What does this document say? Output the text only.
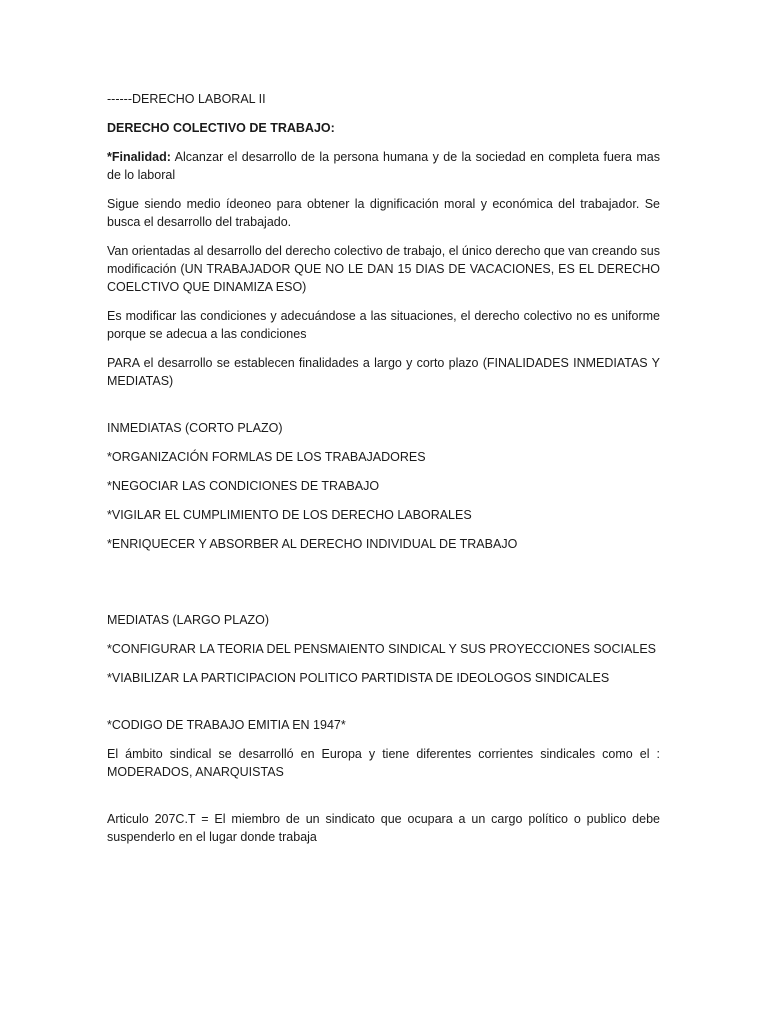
------DERECHO LABORAL II

DERECHO COLECTIVO DE TRABAJO:

*Finalidad: Alcanzar el desarrollo de la persona humana y de la sociedad en completa fuera mas de lo laboral

Sigue siendo medio ídeoneo para obtener la dignificación moral y económica del trabajador. Se busca el desarrollo del trabajado.

Van orientadas al desarrollo del derecho colectivo de trabajo, el único derecho que van creando sus modificación (UN TRABAJADOR QUE NO LE DAN 15 DIAS DE VACACIONES, ES EL DERECHO COELCTIVO QUE DINAMIZA ESO)

Es modificar las condiciones y adecuándose a las situaciones, el derecho colectivo no es uniforme porque se adecua a las condiciones

PARA el desarrollo se establecen finalidades a largo y corto plazo (FINALIDADES INMEDIATAS Y MEDIATAS)

INMEDIATAS (CORTO PLAZO)

*ORGANIZACIÓN FORMLAS DE LOS TRABAJADORES

*NEGOCIAR LAS CONDICIONES DE TRABAJO

*VIGILAR EL CUMPLIMIENTO DE LOS DERECHO LABORALES

*ENRIQUECER Y ABSORBER AL DERECHO INDIVIDUAL DE TRABAJO

MEDIATAS (LARGO PLAZO)

*CONFIGURAR LA TEORIA DEL PENSMAIENTO SINDICAL Y SUS PROYECCIONES SOCIALES

*VIABILIZAR LA PARTICIPACION POLITICO PARTIDISTA DE IDEOLOGOS SINDICALES

*CODIGO DE TRABAJO EMITIA EN 1947*

El ámbito sindical se desarrolló en Europa y tiene diferentes corrientes sindicales como el : MODERADOS, ANARQUISTAS

Articulo 207C.T = El miembro de un sindicato que ocupara a un cargo político o publico debe suspenderlo en el lugar donde trabaja
